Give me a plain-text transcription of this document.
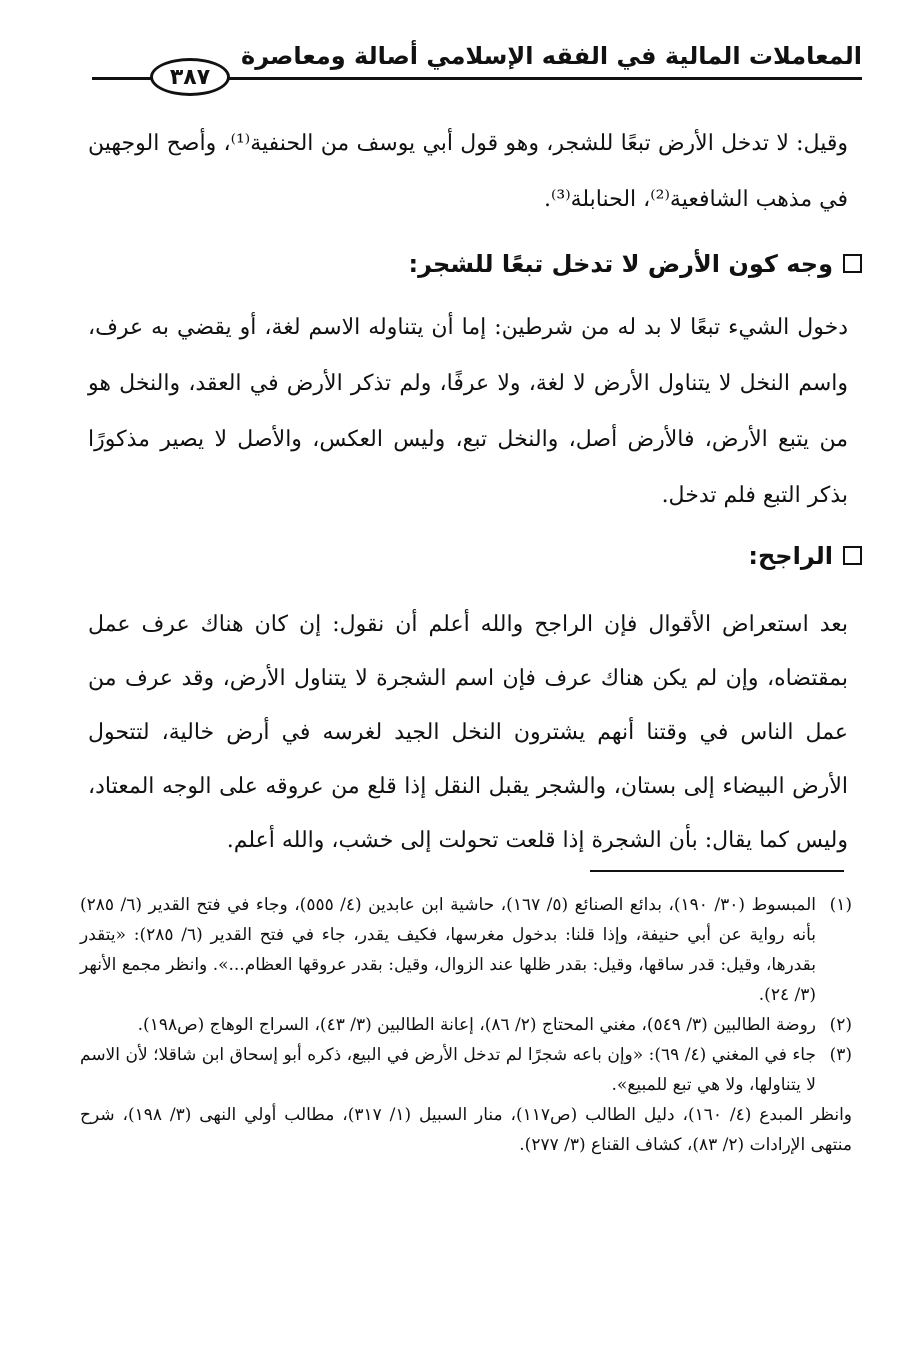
المعاملات المالية في الفقه الإسلامي أصالة ومعاصرة
٣٨٧

وقيل: لا تدخل الأرض تبعًا للشجر، وهو قول أبي يوسف من الحنفية⁽¹⁾، وأصح الوجهين في مذهب الشافعية⁽²⁾، الحنابلة⁽³⁾.

وجه كون الأرض لا تدخل تبعًا للشجر:

دخول الشيء تبعًا لا بد له من شرطين: إما أن يتناوله الاسم لغة، أو يقضي به عرف، واسم النخل لا يتناول الأرض لا لغة، ولا عرفًا، ولم تذكر الأرض في العقد، والنخل هو من يتبع الأرض، فالأرض أصل، والنخل تبع، وليس العكس، والأصل لا يصير مذكورًا بذكر التبع فلم تدخل.

الراجح:

بعد استعراض الأقوال فإن الراجح والله أعلم أن نقول: إن كان هناك عرف عمل بمقتضاه، وإن لم يكن هناك عرف فإن اسم الشجرة لا يتناول الأرض، وقد عرف من عمل الناس في وقتنا أنهم يشترون النخل الجيد لغرسه في أرض خالية، لتتحول الأرض البيضاء إلى بستان، والشجر يقبل النقل إذا قلع من عروقه على الوجه المعتاد، وليس كما يقال: بأن الشجرة إذا قلعت تحولت إلى خشب، والله أعلم.

(١)
المبسوط (٣٠/ ١٩٠)، بدائع الصنائع (٥/ ١٦٧)، حاشية ابن عابدين (٤/ ٥٥٥)، وجاء في فتح القدير (٦/ ٢٨٥) بأنه رواية عن أبي حنيفة، وإذا قلنا: بدخول مغرسها، فكيف يقدر، جاء في فتح القدير (٦/ ٢٨٥): «يتقدر بقدرها، وقيل: قدر ساقها، وقيل: بقدر ظلها عند الزوال، وقيل: بقدر عروقها العظام...». وانظر مجمع الأنهر (٣/ ٢٤).
(٢)
روضة الطالبين (٣/ ٥٤٩)، مغني المحتاج (٢/ ٨٦)، إعانة الطالبين (٣/ ٤٣)، السراج الوهاج (ص١٩٨).
(٣)
جاء في المغني (٤/ ٦٩): «وإن باعه شجرًا لم تدخل الأرض في البيع، ذكره أبو إسحاق ابن شاقلا؛ لأن الاسم لا يتناولها، ولا هي تبع للمبيع».
وانظر المبدع (٤/ ١٦٠)، دليل الطالب (ص١١٧)، منار السبيل (١/ ٣١٧)، مطالب أولي النهى (٣/ ١٩٨)، شرح منتهى الإرادات (٢/ ٨٣)، كشاف القناع (٣/ ٢٧٧).
